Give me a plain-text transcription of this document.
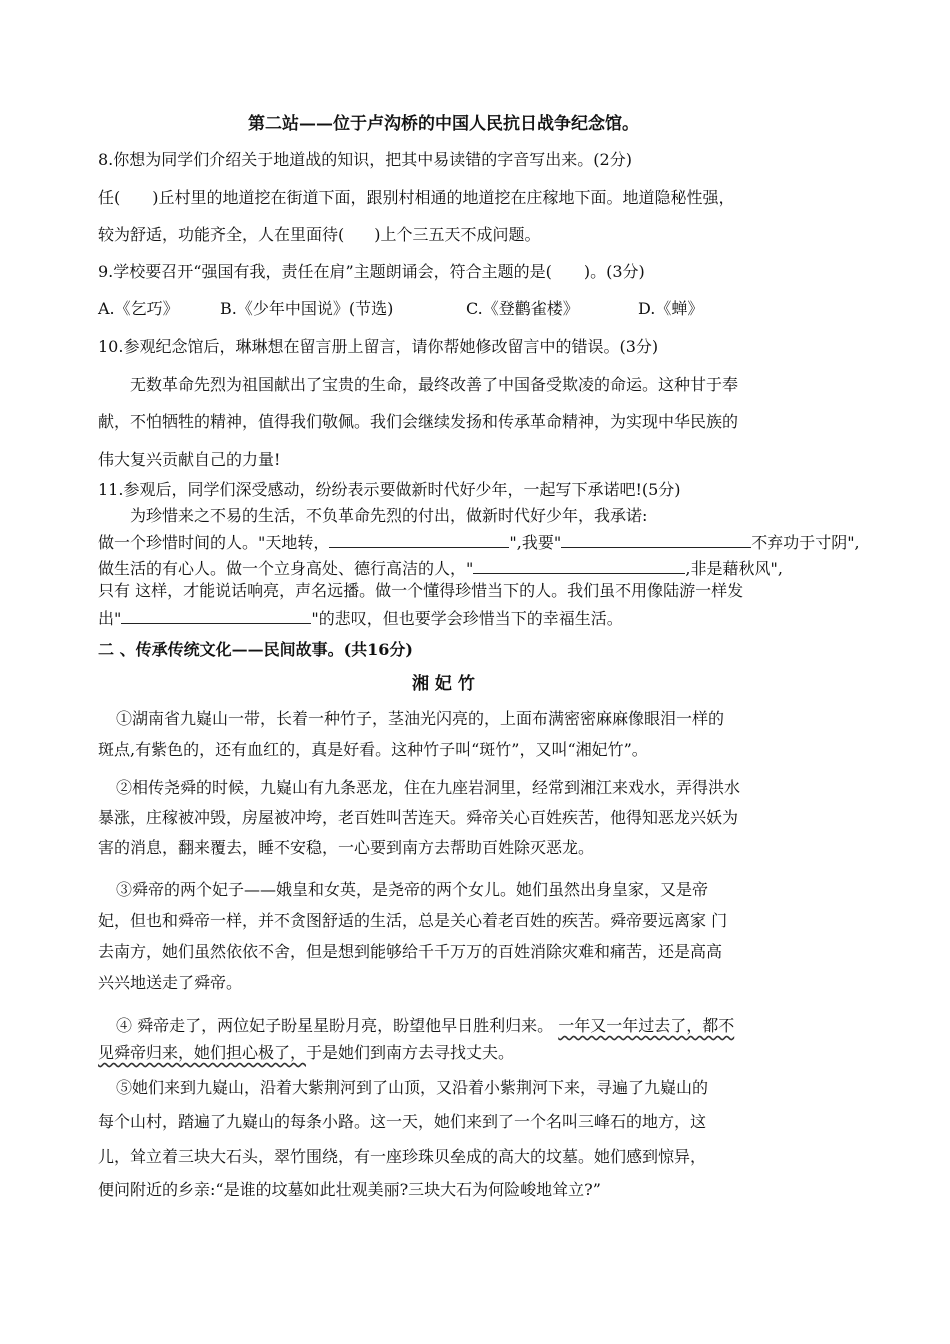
第二站——位于卢沟桥的中国人民抗日战争纪念馆。
8.你想为同学们介绍关于地道战的知识，把其中易读错的字音写出来。(2分)
任( )丘村里的地道挖在街道下面，跟别村相通的地道挖在庄稼地下面。地道隐秘性强，
较为舒适，功能齐全，人在里面待( )上个三五天不成问题。
9.学校要召开“强国有我，责任在肩”主题朗诵会，符合主题的是( )。(3分)
A.《乞巧》	B.《少年中国说》(节选)	C.《登鹳雀楼》	D.《蝉》
10.参观纪念馆后，琳琳想在留言册上留言，请你帮她修改留言中的错误。(3分)
无数革命先烈为祖国献出了宝贵的生命，最终改善了中国备受欺凌的命运。这种甘于奉
献，不怕牺牲的精神，值得我们敬佩。我们会继续发扬和传承革命精神，为实现中华民族的
伟大复兴贡献自己的力量!
11.参观后，同学们深受感动，纷纷表示要做新时代好少年，一起写下承诺吧!(5分)
为珍惜来之不易的生活，不负革命先烈的付出，做新时代好少年，我承诺:
做一个珍惜时间的人。"天地转，	",我要"	不弃功于寸阴",
做生活的有心人。做一个立身高处、德行高洁的人，"	,非是藉秋风",
只有 这样，才能说话响亮，声名远播。做一个懂得珍惜当下的人。我们虽不用像陆游一样发
出"	"的悲叹，但也要学会珍惜当下的幸福生活。
二 、传承传统文化——民间故事。(共16分)
湘 妃 竹
①湖南省九嶷山一带，长着一种竹子，茎油光闪亮的，上面布满密密麻麻像眼泪一样的
斑点,有紫色的，还有血红的，真是好看。这种竹子叫“斑竹”，又叫“湘妃竹”。
②相传尧舜的时候，九嶷山有九条恶龙，住在九座岩洞里，经常到湘江来戏水，弄得洪水
暴涨，庄稼被冲毁，房屋被冲垮，老百姓叫苦连天。舜帝关心百姓疾苦，他得知恶龙兴妖为
害的消息，翻来覆去，睡不安稳，一心要到南方去帮助百姓除灭恶龙。
③舜帝的两个妃子——娥皇和女英，是尧帝的两个女儿。她们虽然出身皇家，又是帝
妃，但也和舜帝一样，并不贪图舒适的生活，总是关心着老百姓的疾苦。舜帝要远离家 门
去南方，她们虽然依依不舍，但是想到能够给千千万万的百姓消除灾难和痛苦，还是高高
兴兴地送走了舜帝。
④ 舜帝走了，两位妃子盼星星盼月亮，盼望他早日胜利归来。 一年又一年过去了，都不
见舜帝归来，她们担心极了，于是她们到南方去寻找丈夫。
⑤她们来到九嶷山，沿着大紫荆河到了山顶，又沿着小紫荆河下来，寻遍了九嶷山的
每个山村，踏遍了九嶷山的每条小路。这一天，她们来到了一个名叫三峰石的地方，这
儿，耸立着三块大石头，翠竹围绕，有一座珍珠贝垒成的高大的坟墓。她们感到惊异，
便问附近的乡亲:“是谁的坟墓如此壮观美丽?三块大石为何险峻地耸立?”
